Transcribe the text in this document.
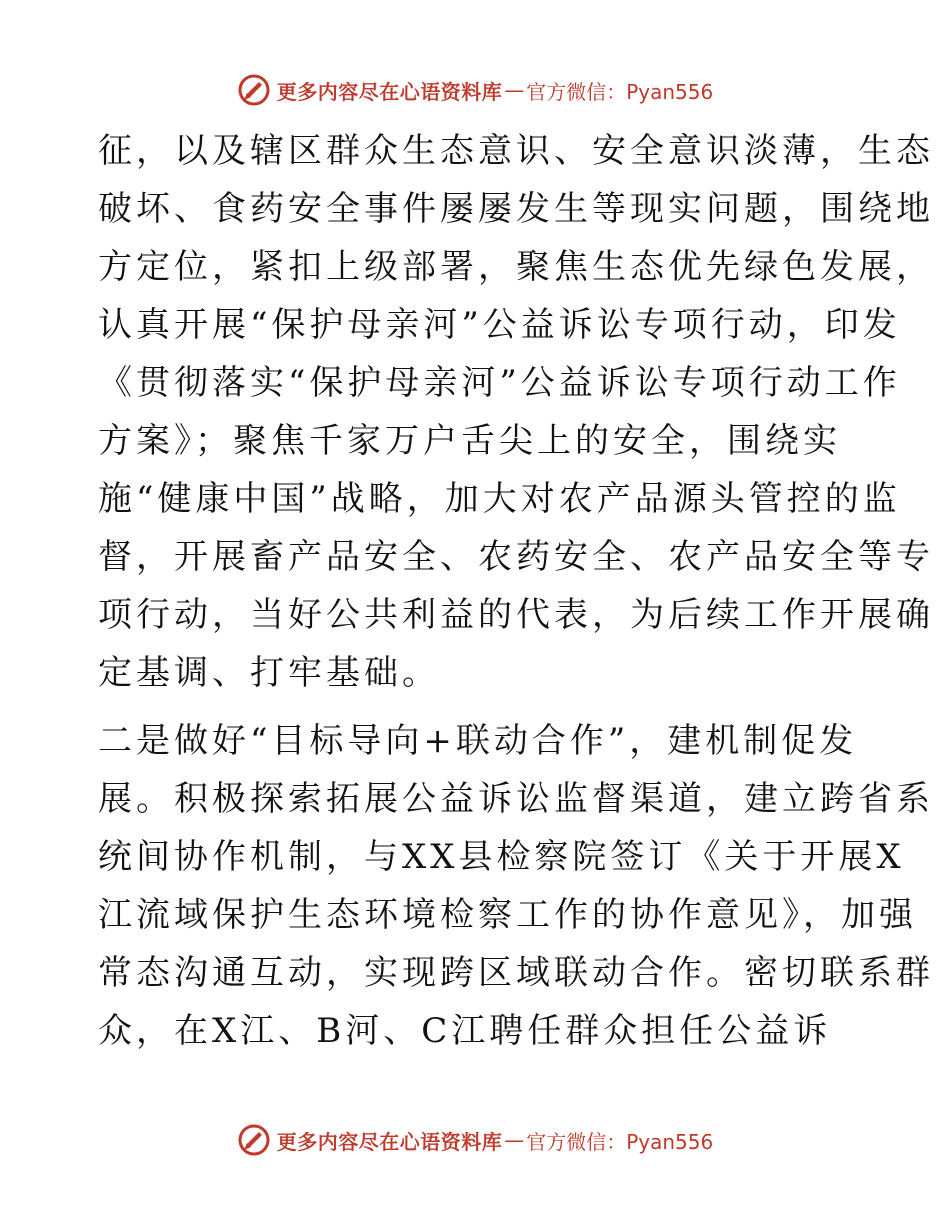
更多内容尽在心语资料库 — 官方微信：Pyan556
征，以及辖区群众生态意识、安全意识淡薄，生态
破坏、食药安全事件屡屡发生等现实问题，围绕地
方定位，紧扣上级部署，聚焦生态优先绿色发展，
认真开展“保护母亲河”公益诉讼专项行动，印发
《贯彻落实“保护母亲河”公益诉讼专项行动工作
方案》；聚焦千家万户舌尖上的安全，围绕实
施“健康中国”战略，加大对农产品源头管控的监
督，开展畜产品安全、农药安全、农产品安全等专
项行动，当好公共利益的代表，为后续工作开展确
定基调、打牢基础。
二是做好“目标导向+联动合作”，建机制促发
展。积极探索拓展公益诉讼监督渠道，建立跨省系
统间协作机制，与XX县检察院签订《关于开展X
江流域保护生态环境检察工作的协作意见》，加强
常态沟通互动，实现跨区域联动合作。密切联系群
众，在X江、B河、C江聘任群众担任公益诉
更多内容尽在心语资料库 — 官方微信：Pyan556
